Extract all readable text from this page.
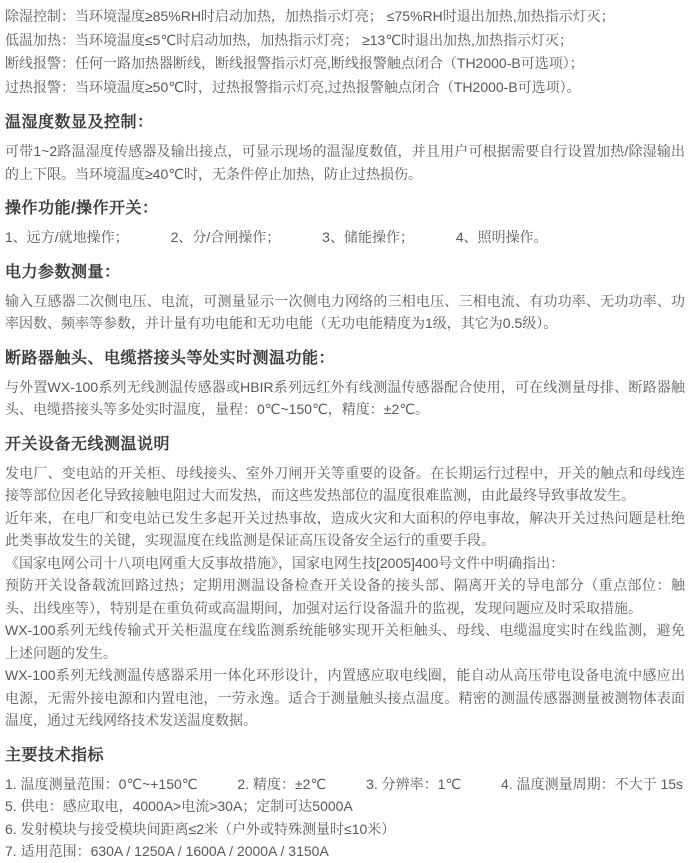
除湿控制：当环境湿度≥85%RH时启动加热，加热指示灯亮； ≤75%RH时退出加热,加热指示灯灭；

低温加热：当环境温度≤5℃时启动加热，加热指示灯亮； ≥13℃时退出加热,加热指示灯灭；

断线报警：任何一路加热器断线，断线报警指示灯亮,断线报警触点闭合（TH2000-B可选项）；

过热报警：当环境温度≥50℃时，过热报警指示灯亮,过热报警触点闭合（TH2000-B可选项）。

温湿度数显及控制：

可带1~2路温湿度传感器及输出接点，可显示现场的温湿度数值，并且用户可根据需要自行设置加热/除湿输出的上下限。当环境温度≥40℃时，无条件停止加热，防止过热损伤。

操作功能/操作开关：

1、远方/就地操作；	2、分/合闸操作；	3、储能操作；	4、照明操作。

电力参数测量：

输入互感器二次侧电压、电流，可测量显示一次侧电力网络的三相电压、三相电流、有功功率、无功功率、功率因数、频率等参数，并计量有功电能和无功电能（无功电能精度为1级，其它为0.5级）。

断路器触头、电缆搭接头等处实时测温功能：

与外置WX-100系列无线测温传感器或HBIR系列远红外有线测温传感器配合使用，可在线测量母排、断路器触头、电缆搭接头等多处实时温度，量程：0℃~150℃，精度：±2℃。

开关设备无线测温说明

发电厂、变电站的开关柜、母线接头、室外刀闸开关等重要的设备。在长期运行过程中，开关的触点和母线连接等部位因老化导致接触电阻过大而发热，而这些发热部位的温度很难监测，由此最终导致事故发生。

近年来，在电厂和变电站已发生多起开关过热事故，造成火灾和大面积的停电事故，解决开关过热问题是杜绝此类事故发生的关键，实现温度在线监测是保证高压设备安全运行的重要手段。

《国家电网公司十八项电网重大反事故措施》，国家电网生技[2005]400号文件中明确指出：

预防开关设备载流回路过热；定期用测温设备检查开关设备的接头部、隔离开关的导电部分（重点部位：触头、出线座等），特别是在重负荷或高温期间，加强对运行设备温升的监视，发现问题应及时采取措施。

WX-100系列无线传输式开关柜温度在线监测系统能够实现开关柜触头、母线、电缆温度实时在线监测，避免上述问题的发生。

WX-100系列无线测温传感器采用一体化环形设计，内置感应取电线圈，能自动从高压带电设备电流中感应出电源，无需外接电源和内置电池，一劳永逸。适合于测量触头接点温度。精密的测温传感器测量被测物体表面温度，通过无线网络技术发送温度数据。

主要技术指标

1. 温度测量范围：0℃~+150℃	2. 精度：±2℃	3. 分辨率：1℃	4. 温度测量周期：不大于 15s

5. 供电：感应取电，4000A>电流>30A；定制可达5000A

6. 发射模块与接受模块间距离≤2米（户外或特殊测量时≤10米）

7. 适用范围：630A / 1250A / 1600A / 2000A / 3150A
